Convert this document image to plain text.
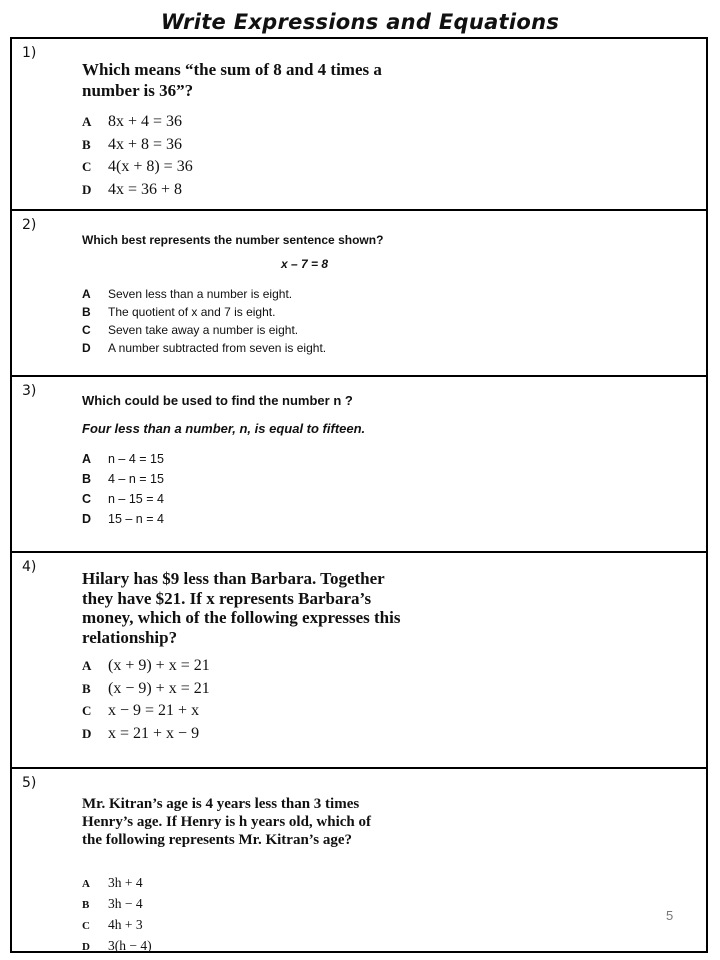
Write Expressions and Equations
1)
Which means “the sum of 8 and 4 times a number is 36”?
A	8x + 4 = 36
B	4x + 8 = 36
C	4(x + 8) = 36
D	4x = 36 + 8
2)
Which best represents the number sentence shown?
x – 7 = 8
A	Seven less than a number is eight.
B	The quotient of x and 7 is eight.
C	Seven take away a number is eight.
D	A number subtracted from seven is eight.
3)
Which could be used to find the number n ?
Four less than a number, n, is equal to fifteen.
A	n – 4 = 15
B	4 – n = 15
C	n – 15 = 4
D	15 – n = 4
4)
Hilary has $9 less than Barbara. Together they have $21. If x represents Barbara’s money, which of the following expresses this relationship?
A	(x + 9) + x = 21
B	(x − 9) + x = 21
C	x − 9 = 21 + x
D	x = 21 + x − 9
5)
Mr. Kitran’s age is 4 years less than 3 times Henry’s age. If Henry is h years old, which of the following represents Mr. Kitran’s age?
A	3h + 4
B	3h − 4
C	4h + 3
D	3(h − 4)
5
